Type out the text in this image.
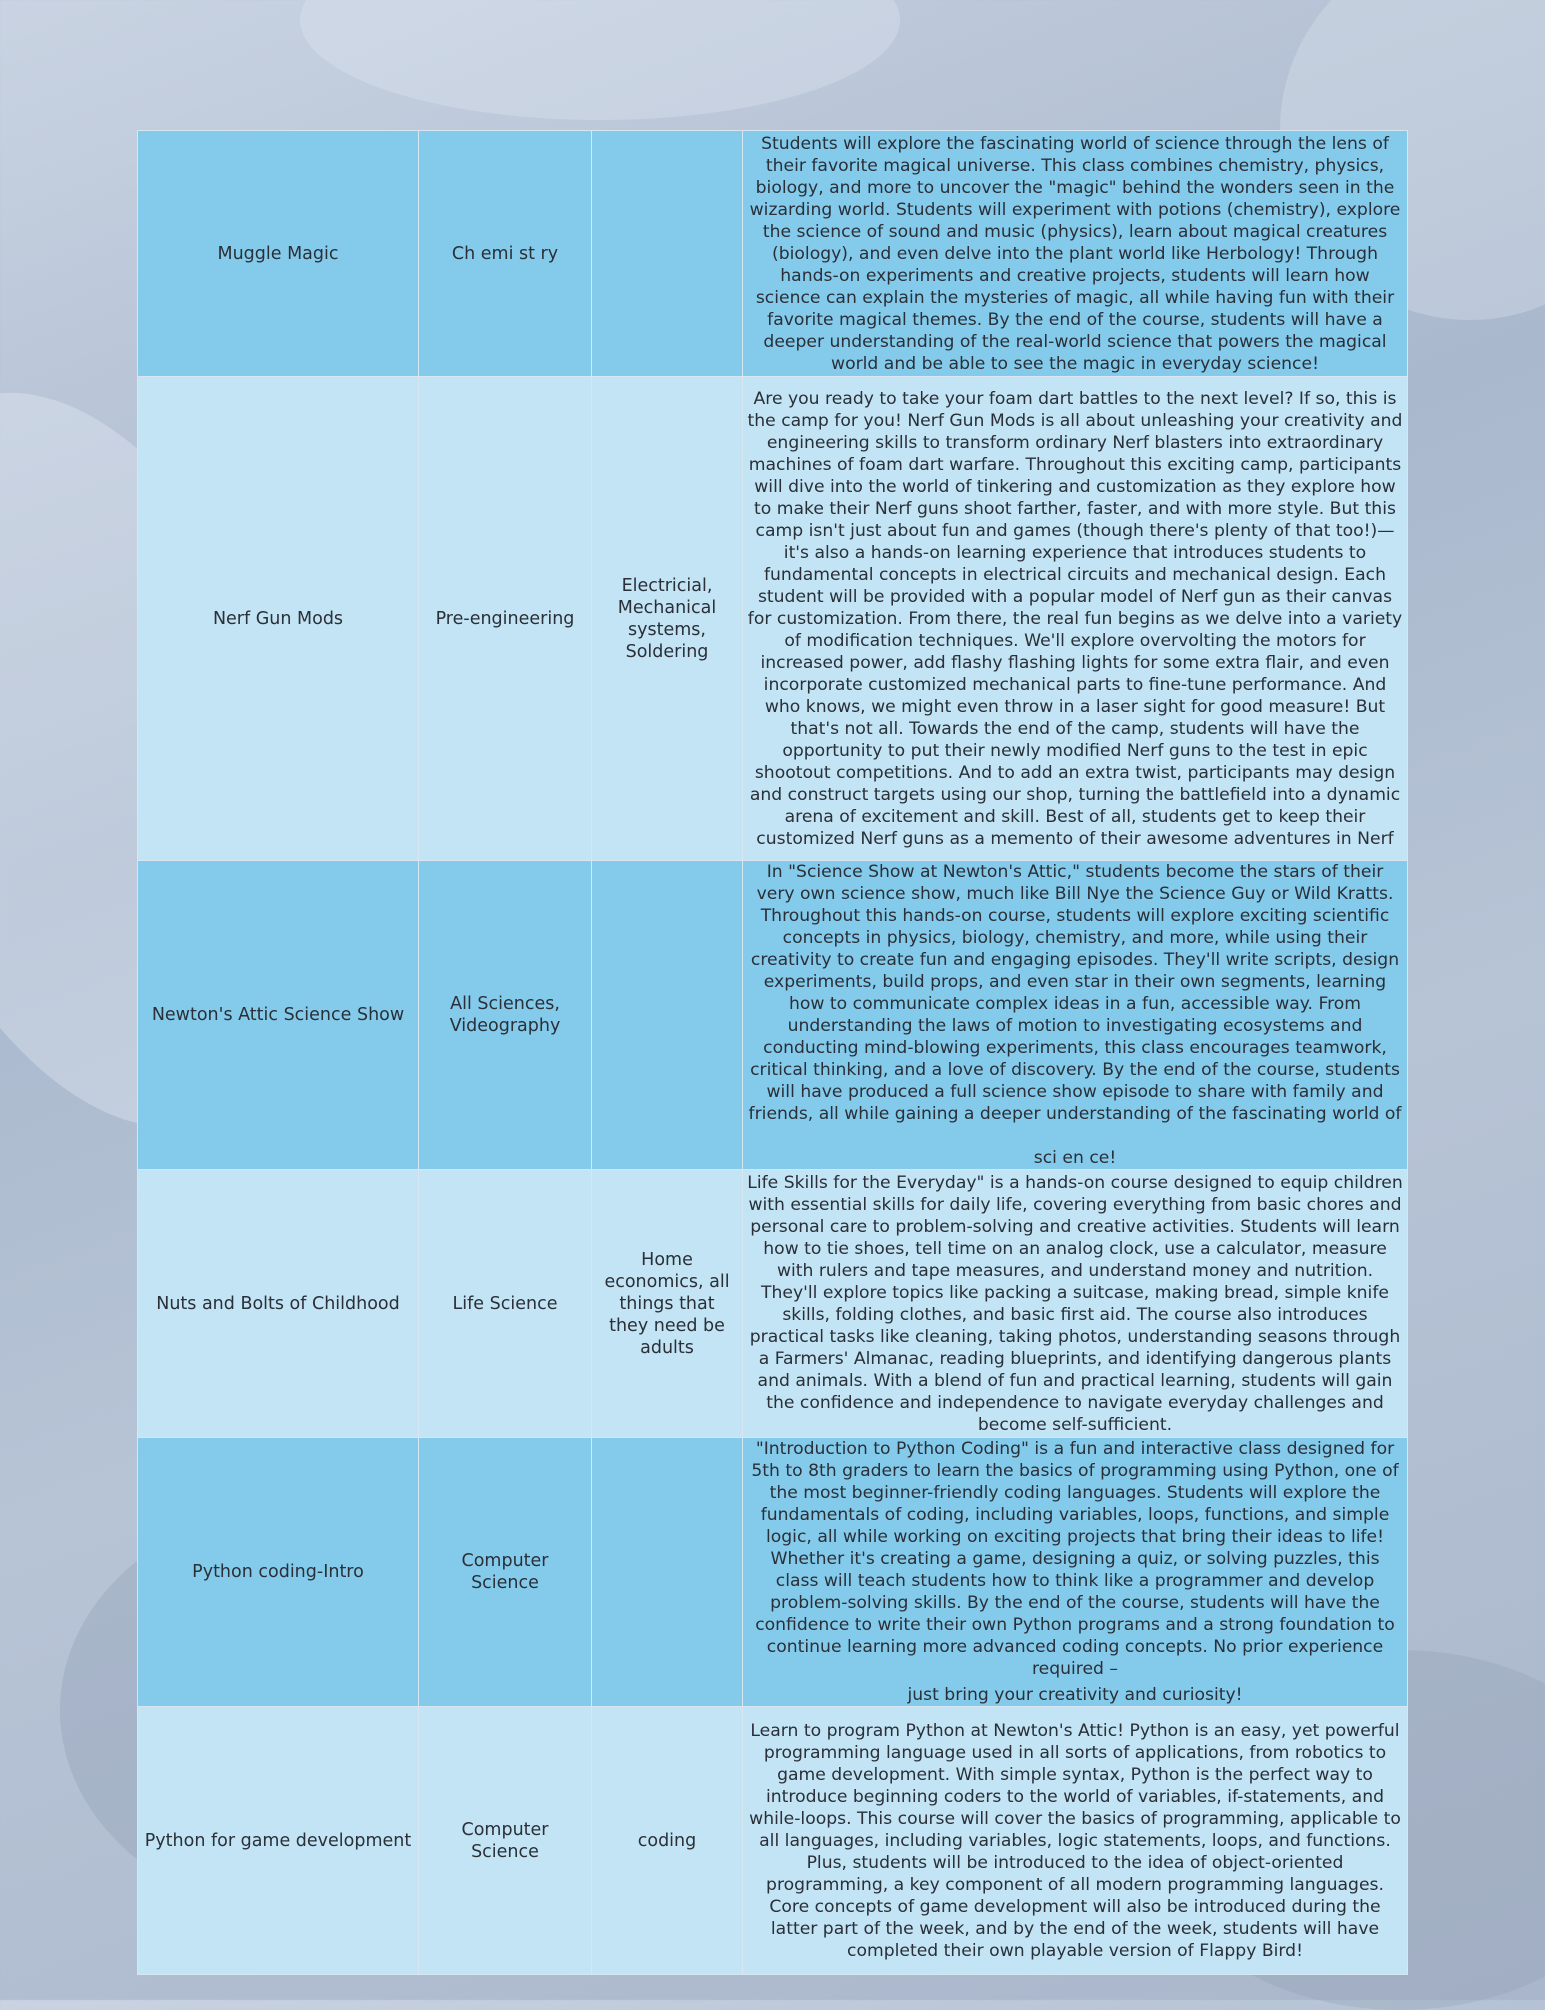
Muggle Magic	Ch emi st ry		Students will explore the fascinating world of science through the lens of their favorite magical universe. This class combines chemistry, physics, biology, and more to uncover the "magic" behind the wonders seen in the wizarding world. Students will experiment with potions (chemistry), explore the science of sound and music (physics), learn about magical creatures (biology), and even delve into the plant world like Herbology! Through hands-on experiments and creative projects, students will learn how science can explain the mysteries of magic, all while having fun with their favorite magical themes. By the end of the course, students will have a deeper understanding of the real-world science that powers the magical world and be able to see the magic in everyday science!
Nerf Gun Mods	Pre-engineering	Electricial, Mechanical systems, Soldering	Are you ready to take your foam dart battles to the next level? If so, this is the camp for you! Nerf Gun Mods is all about unleashing your creativity and engineering skills to transform ordinary Nerf blasters into extraordinary machines of foam dart warfare. Throughout this exciting camp, participants will dive into the world of tinkering and customization as they explore how to make their Nerf guns shoot farther, faster, and with more style. But this camp isn't just about fun and games (though there's plenty of that too!)—it's also a hands-on learning experience that introduces students to fundamental concepts in electrical circuits and mechanical design. Each student will be provided with a popular model of Nerf gun as their canvas for customization. From there, the real fun begins as we delve into a variety of modification techniques. We'll explore overvolting the motors for increased power, add flashy flashing lights for some extra flair, and even incorporate customized mechanical parts to fine-tune performance. And who knows, we might even throw in a laser sight for good measure! But that's not all. Towards the end of the camp, students will have the opportunity to put their newly modified Nerf guns to the test in epic shootout competitions. And to add an extra twist, participants may design and construct targets using our shop, turning the battlefield into a dynamic arena of excitement and skill. Best of all, students get to keep their customized Nerf guns as a memento of their awesome adventures in Nerf
Newton's Attic Science Show	All Sciences, Videography		In "Science Show at Newton's Attic," students become the stars of their very own science show, much like Bill Nye the Science Guy or Wild Kratts. Throughout this hands-on course, students will explore exciting scientific concepts in physics, biology, chemistry, and more, while using their creativity to create fun and engaging episodes. They'll write scripts, design experiments, build props, and even star in their own segments, learning how to communicate complex ideas in a fun, accessible way. From understanding the laws of motion to investigating ecosystems and conducting mind-blowing experiments, this class encourages teamwork, critical thinking, and a love of discovery. By the end of the course, students will have produced a full science show episode to share with family and friends, all while gaining a deeper understanding of the fascinating world of
sci en ce!

Nuts and Bolts of Childhood	Life Science	Home economics, all things that they need be adults	Life Skills for the Everyday" is a hands-on course designed to equip children with essential skills for daily life, covering everything from basic chores and personal care to problem-solving and creative activities. Students will learn how to tie shoes, tell time on an analog clock, use a calculator, measure with rulers and tape measures, and understand money and nutrition. They'll explore topics like packing a suitcase, making bread, simple knife skills, folding clothes, and basic first aid. The course also introduces practical tasks like cleaning, taking photos, understanding seasons through a Farmers' Almanac, reading blueprints, and identifying dangerous plants and animals. With a blend of fun and practical learning, students will gain the confidence and independence to navigate everyday challenges and become self-sufficient.
Python coding-Intro	Computer Science		"Introduction to Python Coding" is a fun and interactive class designed for 5th to 8th graders to learn the basics of programming using Python, one of the most beginner-friendly coding languages. Students will explore the fundamentals of coding, including variables, loops, functions, and simple logic, all while working on exciting projects that bring their ideas to life! Whether it's creating a game, designing a quiz, or solving puzzles, this class will teach students how to think like a programmer and develop problem-solving skills. By the end of the course, students will have the confidence to write their own Python programs and a strong foundation to continue learning more advanced coding concepts. No prior experience required –
just bring your creativity and curiosity!

Python for game development	Computer Science	coding	Learn to program Python at Newton's Attic! Python is an easy, yet powerful programming language used in all sorts of applications, from robotics to game development. With simple syntax, Python is the perfect way to introduce beginning coders to the world of variables, if-statements, and while-loops. This course will cover the basics of programming, applicable to all languages, including variables, logic statements, loops, and functions. Plus, students will be introduced to the idea of object-oriented programming, a key component of all modern programming languages. Core concepts of game development will also be introduced during the latter part of the week, and by the end of the week, students will have completed their own playable version of Flappy Bird!
